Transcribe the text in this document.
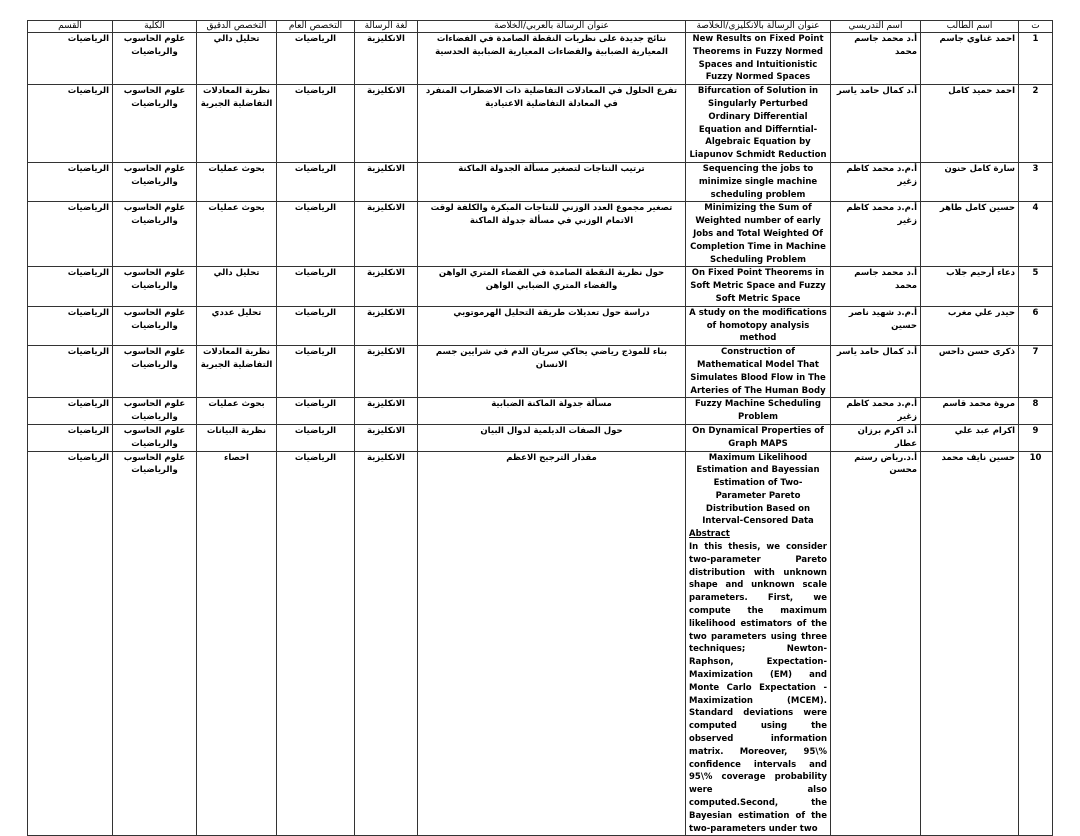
ت	اسم الطالب	اسم التدريسي	عنوان الرسالة بالانكليزي/الخلاصة	عنوان الرسالة بالعربي/الخلاصة	لغة الرسالة	التخصص العام	التخصص الدقيق	الكلية	القسم
1	احمد غناوي جاسم	أ.د محمد جاسم محمد	New Results on Fixed Point Theorems in Fuzzy Normed Spaces and Intuitionistic Fuzzy Normed Spaces	نتائج جديدة على نظريات النقطة الصامدة في الفضاءات المعيارية الضبابية والفضاءات المعيارية الضبابية الحدسية	الانكليزية	الرياضيات	تحليل دالي	علوم الحاسوب والرياضيات	الرياضيات
2	احمد حميد كامل	أ.د كمال حامد ياسر	Bifurcation of Solution in Singularly Perturbed Ordinary Differential Equation and Differntial-Algebraic Equation by Liapunov Schmidt Reduction	تفرع الحلول في المعادلات التفاضلية ذات الاضطراب المنفرد في المعادلة التفاضلية الاعتيادية	الانكليزية	الرياضيات	نظرية المعادلات التفاضلية الجبرية	علوم الحاسوب والرياضيات	الرياضيات
3	سارة كامل حنون	أ.م.د محمد كاظم زغير	Sequencing the jobs to minimize single machine scheduling problem	ترتيب النتاجات لتصغير مسألة الجدولة الماكنة	الانكليزية	الرياضيات	بحوث عمليات	علوم الحاسوب والرياضيات	الرياضيات
4	حسين كامل طاهر	أ.م.د محمد كاظم زغير	Minimizing the Sum of Weighted number of early Jobs and Total Weighted Of Completion Time in Machine Scheduling Problem	تصغير مجموع العدد الوزني للنتاجات المبكرة والكلفة لوقت الاتمام الوزني في مسألة جدولة الماكنة	الانكليزية	الرياضيات	بحوث عمليات	علوم الحاسوب والرياضيات	الرياضيات
5	دعاء أرحيم جلاب	أ.د محمد جاسم محمد	On Fixed Point Theorems in Soft Metric Space and Fuzzy Soft Metric Space	حول نظرية النقطة الصامدة في الفضاء المتري الواهن والفضاء المتري الضبابي الواهن	الانكليزية	الرياضيات	تحليل دالي	علوم الحاسوب والرياضيات	الرياضيات
6	حيدر علي مغرب	أ.م.د شهيد ناصر حسين	A study on the modifications of homotopy analysis method	دراسة حول تعديلات طريقة التحليل الهرموتوبي	الانكليزية	الرياضيات	تحليل عددي	علوم الحاسوب والرياضيات	الرياضيات
7	ذكرى حسن داحس	أ.د كمال حامد ياسر	Construction of Mathematical Model That Simulates Blood Flow in The Arteries of The Human Body	بناء للموذج رياضي يحاكي سريان الدم في شرايين جسم الانسان	الانكليزية	الرياضيات	نظرية المعادلات التفاضلية الجبرية	علوم الحاسوب والرياضيات	الرياضيات
8	مروة محمد قاسم	أ.م.د محمد كاظم زغير	Fuzzy Machine Scheduling Problem	مسألة جدولة الماكنة الضبابية	الانكليزية	الرياضيات	بحوث عمليات	علوم الحاسوب والرياضيات	الرياضيات
9	اكرام عبد علي	أ.د اكرم برزان عطار	On Dynamical Properties of Graph MAPS	حول الصفات الديلمية لدوال البيان	الانكليزية	الرياضيات	نظرية البيانات	علوم الحاسوب والرياضيات	الرياضيات
10	حسين نايف محمد	أ.د.رياض رستم محسن	Maximum Likelihood Estimation and Bayessian Estimation of Two-Parameter Pareto Distribution Based on Interval-Censored Data
Abstract
In this thesis, we consider two-parameter Pareto distribution with unknown shape and unknown scale parameters. First, we compute the maximum likelihood estimators of the two parameters using three techniques; Newton-Raphson, Expectation-Maximization (EM) and Monte Carlo Expectation - Maximization (MCEM). Standard deviations were computed using the observed information matrix. Moreover, 95\% confidence intervals and 95\% coverage probability were also computed.Second, the Bayesian estimation of the two-parameters under two	مقدار الترجيح الاعظم	الانكليزية	الرياضيات	احصاء	علوم الحاسوب والرياضيات	الرياضيات
